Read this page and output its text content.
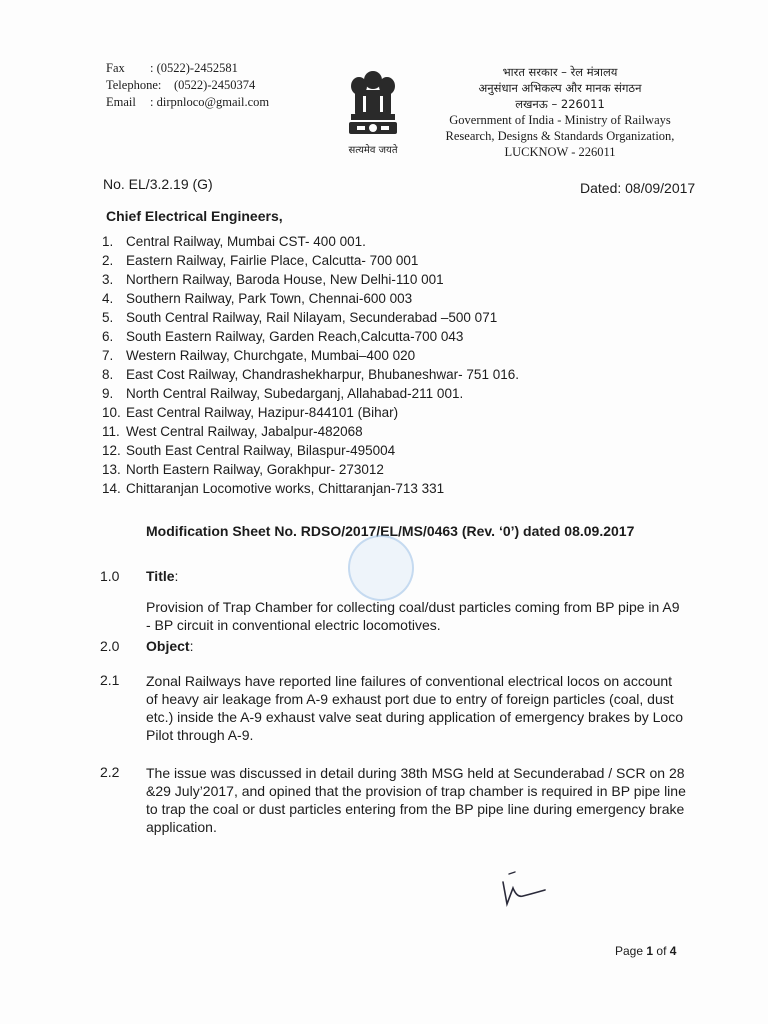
Fax	: (0522)-2452581
Telephone:	(0522)-2450374
Email	: dirpnloco@gmail.com
सत्यमेव जयते
भारत सरकार – रेल मंत्रालय
अनुसंधान अभिकल्प और मानक संगठन
लखनऊ – 226011
Government of India - Ministry of Railways
Research, Designs & Standards Organization,
LUCKNOW - 226011
No. EL/3.2.19 (G)	Dated: 08/09/2017
Chief Electrical Engineers,
1. Central Railway, Mumbai CST- 400 001.
2. Eastern Railway, Fairlie Place, Calcutta- 700 001
3. Northern Railway, Baroda House, New Delhi-110 001
4. Southern Railway, Park Town, Chennai-600 003
5. South Central Railway, Rail Nilayam, Secunderabad –500 071
6. South Eastern Railway, Garden Reach,Calcutta-700 043
7. Western Railway, Churchgate, Mumbai–400 020
8. East Cost Railway, Chandrashekharpur, Bhubaneshwar- 751 016.
9. North Central Railway, Subedarganj, Allahabad-211 001.
10. East Central Railway, Hazipur-844101 (Bihar)
11. West Central Railway, Jabalpur-482068
12. South East Central Railway, Bilaspur-495004
13. North Eastern Railway, Gorakhpur- 273012
14. Chittaranjan Locomotive works, Chittaranjan-713 331
Modification Sheet No. RDSO/2017/EL/MS/0463 (Rev. ‘0’) dated 08.09.2017
1.0 Title:
Provision of Trap Chamber for collecting coal/dust particles coming from BP pipe in A9 - BP circuit in conventional electric locomotives.
2.0 Object:
2.1 Zonal Railways have reported line failures of conventional electrical locos on account of heavy air leakage from A-9 exhaust port due to entry of foreign particles (coal, dust etc.) inside the A-9 exhaust valve seat during application of emergency brakes by Loco Pilot through A-9.
2.2 The issue was discussed in detail during 38th MSG held at Secunderabad / SCR on 28 &29 July’2017, and opined that the provision of trap chamber is required in BP pipe line to trap the coal or dust particles entering from the BP pipe line during emergency brake application.
Page 1 of 4
